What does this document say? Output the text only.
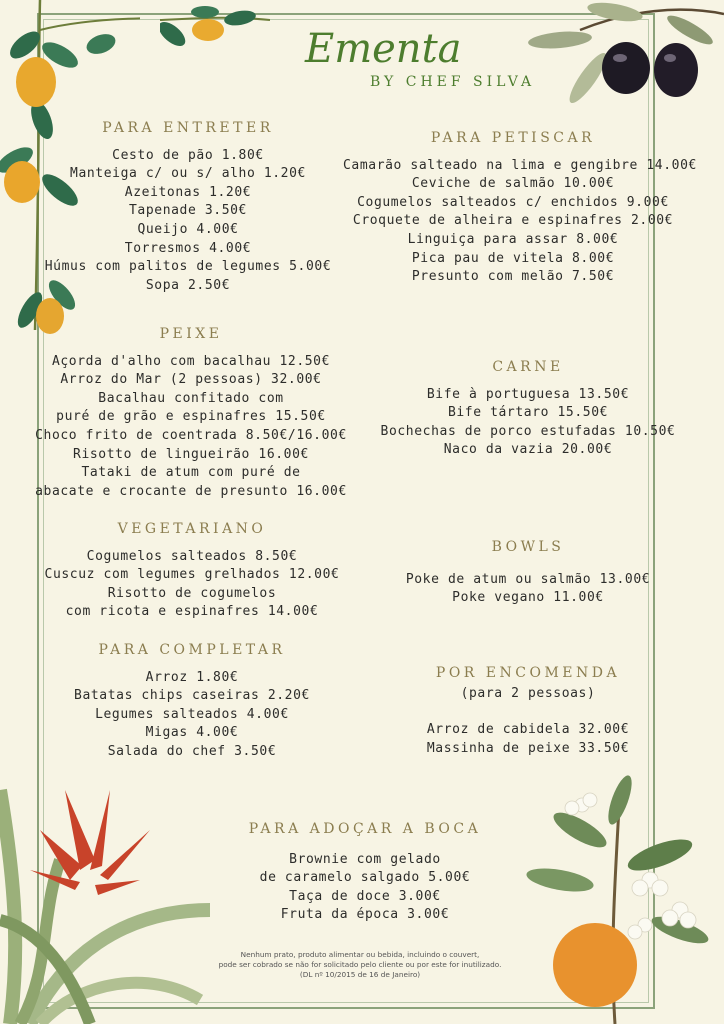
Ementa
BY CHEF SILVA
PARA ENTRETER
Cesto de pão 1.80€
Manteiga c/ ou s/ alho 1.20€
Azeitonas 1.20€
Tapenade 3.50€
Queijo 4.00€
Torresmos 4.00€
Húmus com palitos de legumes 5.00€
Sopa 2.50€
PARA PETISCAR
Camarão salteado na lima e gengibre 14.00€
Ceviche de salmão 10.00€
Cogumelos salteados c/ enchidos 9.00€
Croquete de alheira e espinafres 2.00€
Linguiça para assar 8.00€
Pica pau de vitela 8.00€
Presunto com melão 7.50€
PEIXE
Açorda d'alho com bacalhau 12.50€
Arroz do Mar (2 pessoas) 32.00€
Bacalhau confitado com
puré de grão e espinafres 15.50€
Choco frito de coentrada 8.50€/16.00€
Risotto de lingueirão 16.00€
Tataki de atum com puré de
abacate e crocante de presunto 16.00€
CARNE
Bife à portuguesa 13.50€
Bife tártaro 15.50€
Bochechas de porco estufadas 10.50€
Naco da vazia 20.00€
VEGETARIANO
Cogumelos salteados 8.50€
Cuscuz com legumes grelhados 12.00€
Risotto de cogumelos
com ricota e espinafres 14.00€
BOWLS
Poke de atum ou salmão 13.00€
Poke vegano 11.00€
PARA COMPLETAR
Arroz 1.80€
Batatas chips caseiras 2.20€
Legumes salteados 4.00€
Migas 4.00€
Salada do chef 3.50€
POR ENCOMENDA
(para 2 pessoas)
Arroz de cabidela 32.00€
Massinha de peixe 33.50€
PARA ADOÇAR A BOCA
Brownie com gelado
de caramelo salgado 5.00€
Taça de doce 3.00€
Fruta da época 3.00€
Nenhum prato, produto alimentar ou bebida, incluindo o couvert,
pode ser cobrado se não for solicitado pelo cliente ou por este for inutilizado.
(DL nº 10/2015 de 16 de Janeiro)
